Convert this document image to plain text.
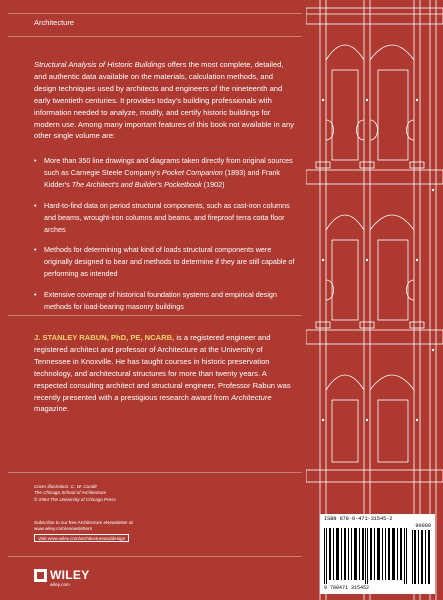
Architecture

Structural Analysis of Historic Buildings offers the most complete, detailed, and authentic data available on the materials, calculation methods, and design techniques used by architects and engineers of the nineteenth and early twentieth centuries. It provides today's building professionals with information needed to analyze, modify, and certify historic buildings for modern use. Among many important features of this book not available in any other single volume are:

• More than 350 line drawings and diagrams taken directly from original sources such as Carnegie Steele Company's Pocket Companion (1893) and Frank Kidder's The Architect's and Builder's Pocketbook (1902)
• Hard-to-find data on period structural components, such as cast-iron columns and beams, wrought-iron columns and beams, and fireproof terra cotta floor arches
• Methods for determining what kind of loads structural components were originally designed to bear and methods to determine if they are still capable of performing as intended
• Extensive coverage of historical foundation systems and empirical design methods for load-bearing masonry buildings

J. STANLEY RABUN, PhD, PE, NCARB, is a registered engineer and registered architect and professor of Architecture at the University of Tennessee in Knoxville. He has taught courses in historic preservation technology, and architectural structures for more than twenty years. A respected consulting architect and structural engineer, Professor Rabun was recently presented with a prestigious research award from Architecture magazine.

Cover illustration: C. W. Condit
The Chicago School of Architecture
© 1964 The University of Chicago Press
Subscribe to our free Architecture eNewsletter at
www.wiley.com/enewsletters
Visit www.wiley.com/architectureanddesign
WILEY
wiley.com
ISBN 978-0-471-31545-2
90000
9 780471 315452
